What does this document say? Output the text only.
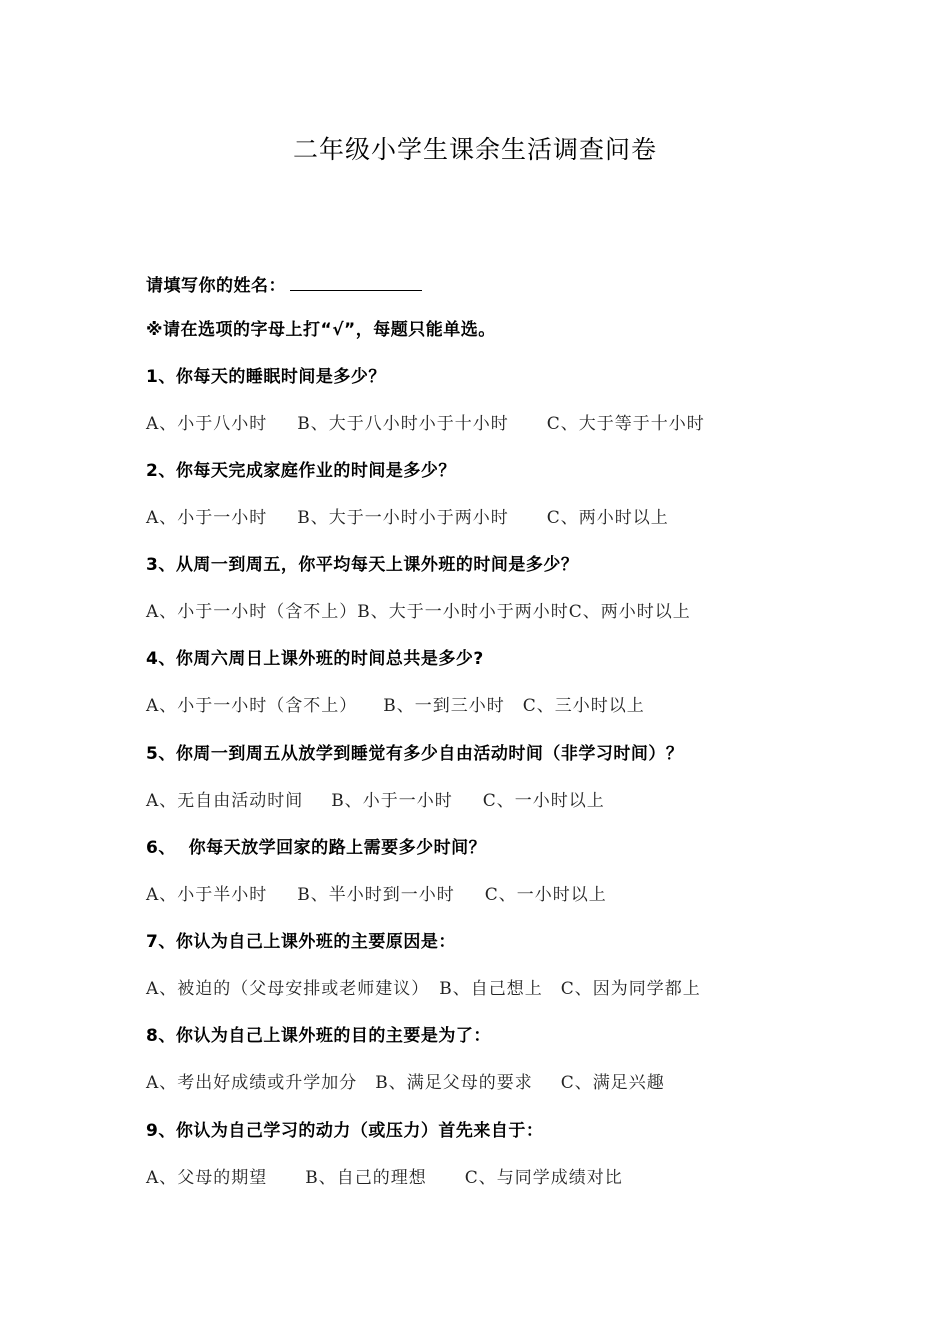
二年级小学生课余生活调查问卷
请填写你的姓名：
※请在选项的字母上打“√”，每题只能单选。
1、你每天的睡眠时间是多少？
A、小于八小时 B、大于八小时小于十小时 C、大于等于十小时
2、你每天完成家庭作业的时间是多少？
A、小于一小时 B、大于一小时小于两小时 C、两小时以上
3、从周一到周五，你平均每天上课外班的时间是多少？
A、小于一小时（含不上）B、大于一小时小于两小时C、两小时以上
4、你周六周日上课外班的时间总共是多少?
A、小于一小时（含不上） B、一到三小时 C、三小时以上
5、你周一到周五从放学到睡觉有多少自由活动时间（非学习时间）？
A、无自由活动时间 B、小于一小时 C、一小时以上
6、  你每天放学回家的路上需要多少时间？
A、小于半小时 B、半小时到一小时 C、一小时以上
7、你认为自己上课外班的主要原因是：
A、被迫的（父母安排或老师建议） B、自己想上 C、因为同学都上
8、你认为自己上课外班的目的主要是为了：
A、考出好成绩或升学加分 B、满足父母的要求 C、满足兴趣
9、你认为自己学习的动力（或压力）首先来自于：
A、父母的期望 B、自己的理想 C、与同学成绩对比
